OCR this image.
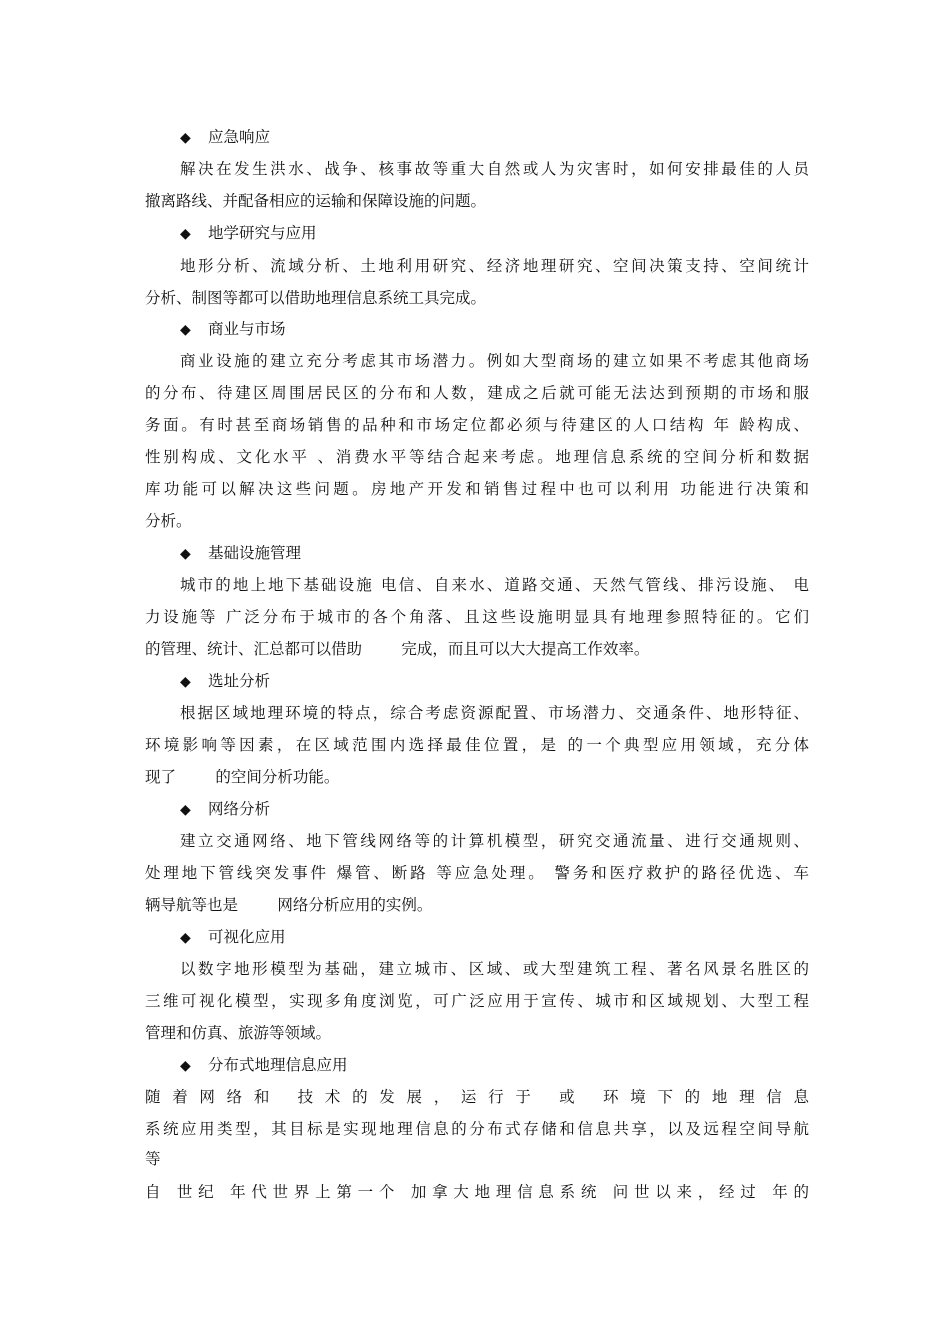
◆ 应急响应
解决在发生洪水、战争、核事故等重大自然或人为灾害时，如何安排最佳的人员
撤离路线、并配备相应的运输和保障设施的问题。
◆ 地学研究与应用
地形分析、流域分析、土地利用研究、经济地理研究、空间决策支持、空间统计
分析、制图等都可以借助地理信息系统工具完成。
◆ 商业与市场
商业设施的建立充分考虑其市场潜力。例如大型商场的建立如果不考虑其他商场
的分布、待建区周围居民区的分布和人数，建成之后就可能无法达到预期的市场和服
务面。有时甚至商场销售的品种和市场定位都必须与待建区的人口结构 年 龄构成、
性别构成、文化水平 、消费水平等结合起来考虑。地理信息系统的空间分析和数据
库功能可以解决这些问题。房地产开发和销售过程中也可以利用 功能进行决策和
分析。
◆ 基础设施管理
城市的地上地下基础设施 电信、自来水、道路交通、天然气管线、排污设施、 电
力设施等 广泛分布于城市的各个角落、且这些设施明显具有地理参照特征的。它们
的管理、统计、汇总都可以借助        完成，而且可以大大提高工作效率。
◆ 选址分析
根据区域地理环境的特点，综合考虑资源配置、市场潜力、交通条件、地形特征、
环境影响等因素，在区域范围内选择最佳位置，是 的一个典型应用领域，充分体
现了        的空间分析功能。
◆ 网络分析
建立交通网络、地下管线网络等的计算机模型，研究交通流量、进行交通规则、
处理地下管线突发事件 爆管、断路 等应急处理。 警务和医疗救护的路径优选、车
辆导航等也是        网络分析应用的实例。
◆ 可视化应用
以数字地形模型为基础，建立城市、区域、或大型建筑工程、著名风景名胜区的
三维可视化模型，实现多角度浏览，可广泛应用于宣传、城市和区域规划、大型工程
管理和仿真、旅游等领域。
◆ 分布式地理信息应用
随着网络和 技术的发展，运行于 或 环境下的地理信息
系统应用类型，其目标是实现地理信息的分布式存储和信息共享，以及远程空间导航
等
自 世纪 年代世界上第一个 加拿大地理信息系统 问世以来，经过 年的
